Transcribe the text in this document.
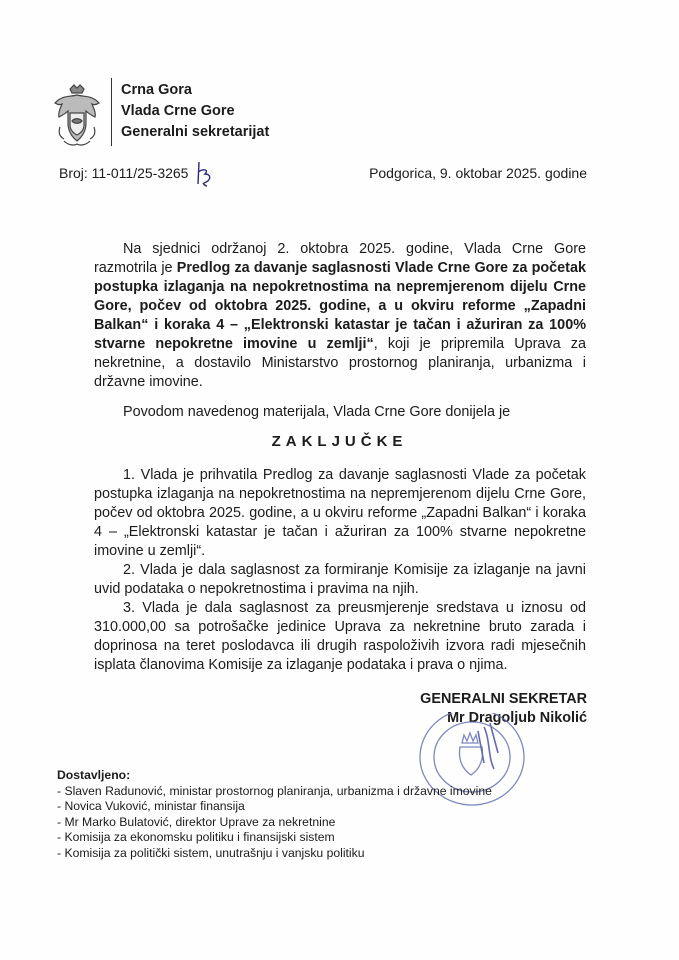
Crna Gora
Vlada Crne Gore
Generalni sekretarijat
Broj: 11-011/25-3265	Podgorica, 9. oktobar 2025. godine
Na sjednici održanoj 2. oktobra 2025. godine, Vlada Crne Gore razmotrila je Predlog za davanje saglasnosti Vlade Crne Gore za početak postupka izlaganja na nepokretnostima na nepremjerenom dijelu Crne Gore, počev od oktobra 2025. godine, a u okviru reforme „Zapadni Balkan“ i koraka 4 – „Elektronski katastar je tačan i ažuriran za 100% stvarne nepokretne imovine u zemlji“, koji je pripremila Uprava za nekretnine, a dostavilo Ministarstvo prostornog planiranja, urbanizma i državne imovine.
Povodom navedenog materijala, Vlada Crne Gore donijela je
ZAKLJUČKE
1. Vlada je prihvatila Predlog za davanje saglasnosti Vlade za početak postupka izlaganja na nepokretnostima na nepremjerenom dijelu Crne Gore, počev od oktobra 2025. godine, a u okviru reforme „Zapadni Balkan“ i koraka 4 – „Elektronski katastar je tačan i ažuriran za 100% stvarne nepokretne imovine u zemlji“.
2. Vlada je dala saglasnost za formiranje Komisije za izlaganje na javni uvid podataka o nepokretnostima i pravima na njih.
3. Vlada je dala saglasnost za preusmjerenje sredstava u iznosu od 310.000,00 sa potrošačke jedinice Uprava za nekretnine bruto zarada i doprinosa na teret poslodavca ili drugih raspoloživih izvora radi mjesečnih isplata članovima Komisije za izlaganje podataka i prava o njima.
GENERALNI SEKRETAR
Mr Dragoljub Nikolić
Dostavljeno:
- Slaven Radunović, ministar prostornog planiranja, urbanizma i državne imovine
- Novica Vuković, ministar finansija
- Mr Marko Bulatović, direktor Uprave za nekretnine
- Komisija za ekonomsku politiku i finansijski sistem
- Komisija za politički sistem, unutrašnju i vanjsku politiku
